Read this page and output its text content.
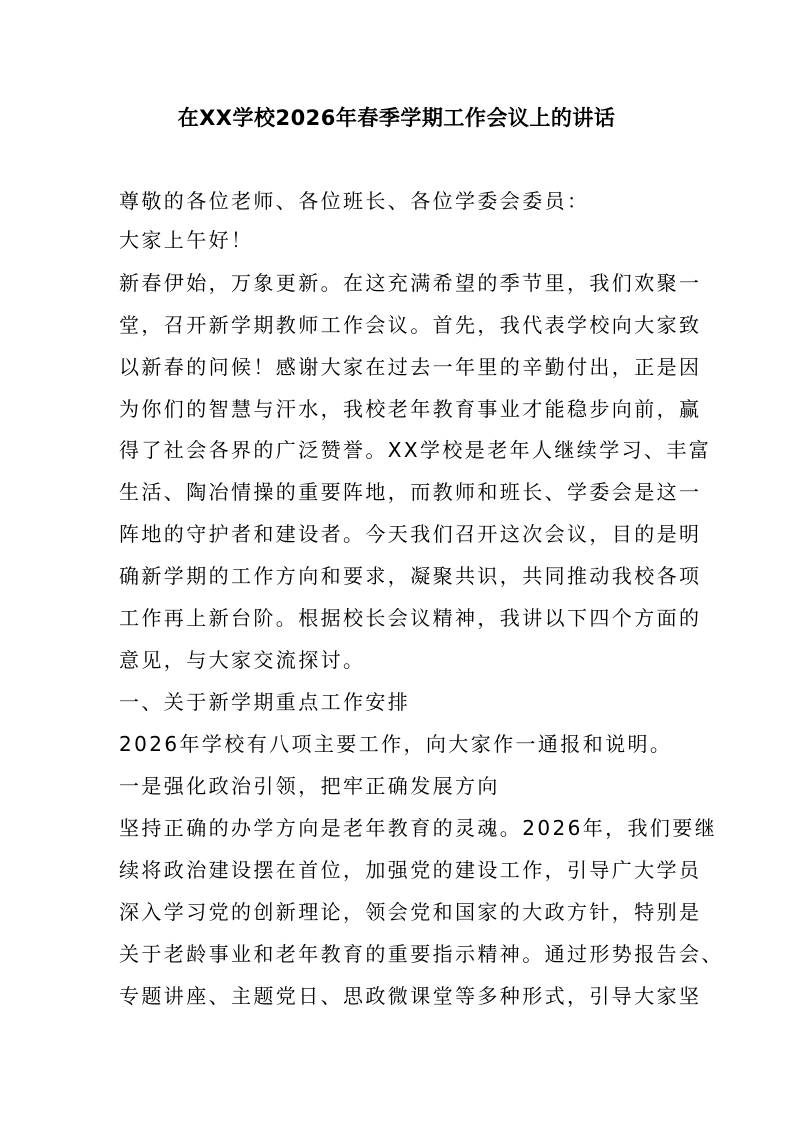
在XX学校2026年春季学期工作会议上的讲话
尊敬的各位老师、各位班长、各位学委会委员：
大家上午好！
新春伊始，万象更新。在这充满希望的季节里，我们欢聚一
堂，召开新学期教师工作会议。首先，我代表学校向大家致
以新春的问候！感谢大家在过去一年里的辛勤付出，正是因
为你们的智慧与汗水，我校老年教育事业才能稳步向前，赢
得了社会各界的广泛赞誉。XX学校是老年人继续学习、丰富
生活、陶冶情操的重要阵地，而教师和班长、学委会是这一
阵地的守护者和建设者。今天我们召开这次会议，目的是明
确新学期的工作方向和要求，凝聚共识，共同推动我校各项
工作再上新台阶。根据校长会议精神，我讲以下四个方面的
意见，与大家交流探讨。
一、关于新学期重点工作安排
2026年学校有八项主要工作，向大家作一通报和说明。
一是强化政治引领，把牢正确发展方向
坚持正确的办学方向是老年教育的灵魂。2026年，我们要继
续将政治建设摆在首位，加强党的建设工作，引导广大学员
深入学习党的创新理论，领会党和国家的大政方针，特别是
关于老龄事业和老年教育的重要指示精神。通过形势报告会、
专题讲座、主题党日、思政微课堂等多种形式，引导大家坚
